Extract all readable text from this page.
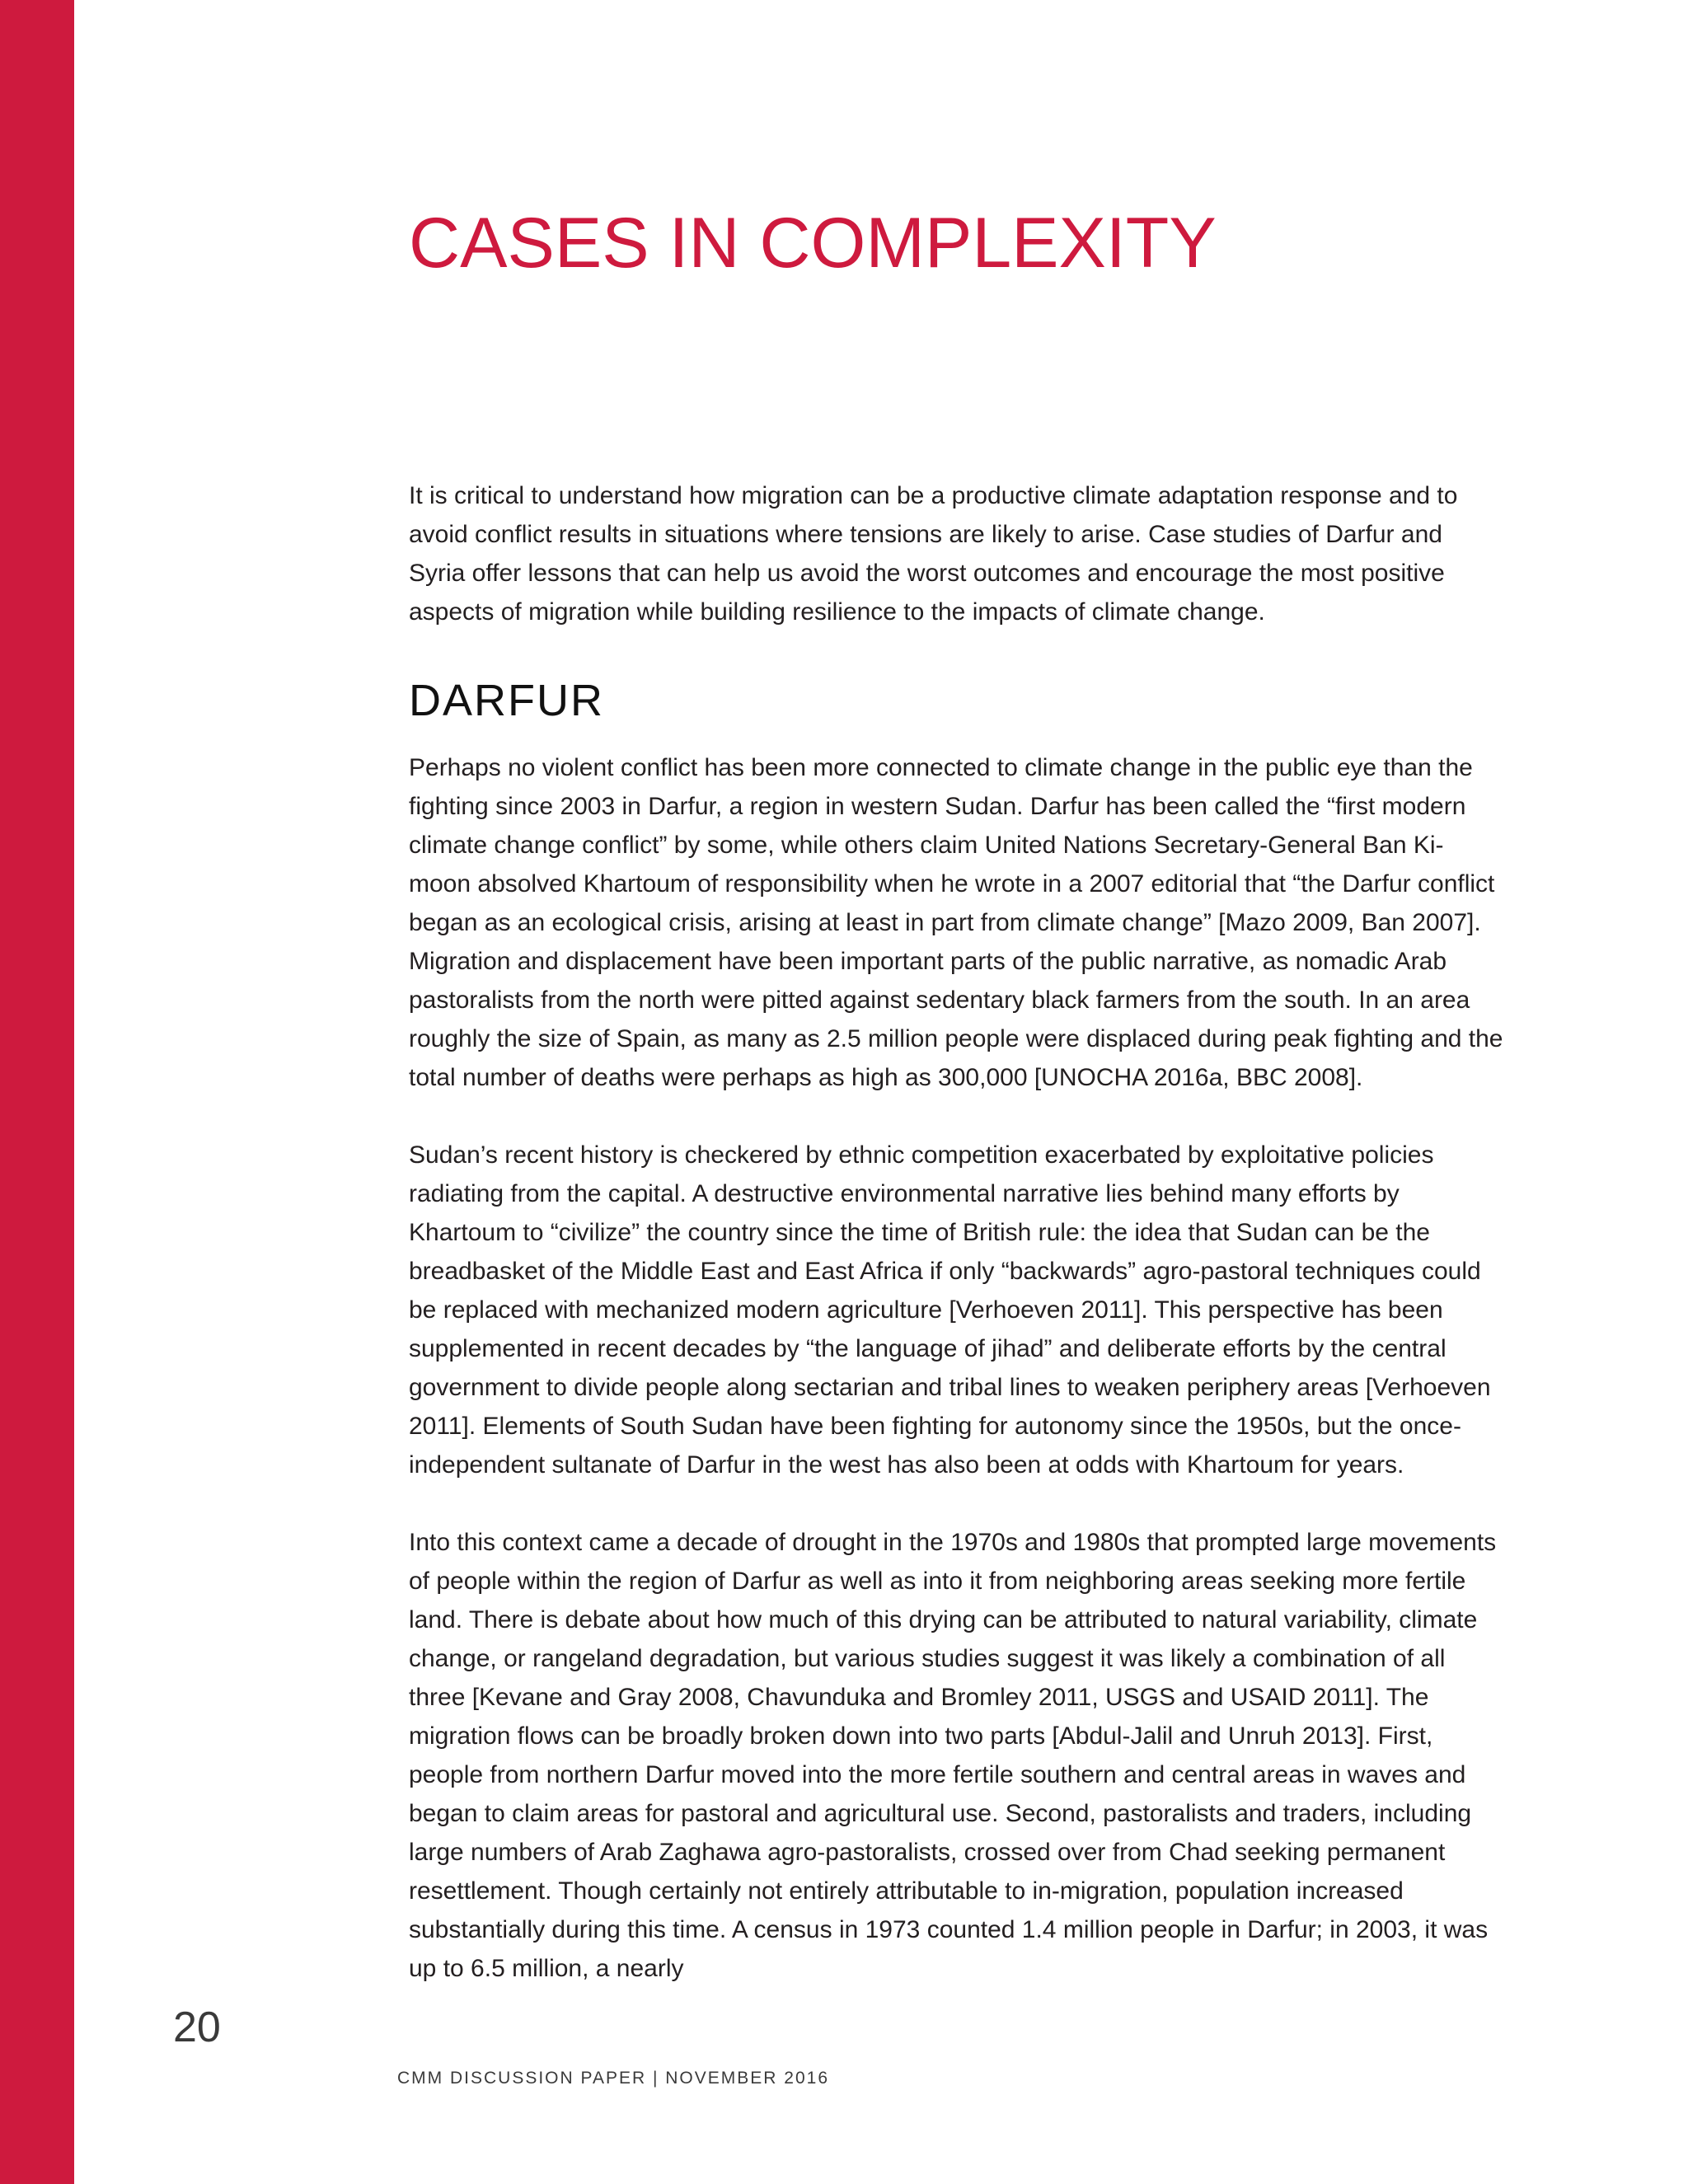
CASES IN COMPLEXITY

It is critical to understand how migration can be a productive climate adaptation response and to avoid conflict results in situations where tensions are likely to arise. Case studies of Darfur and Syria offer lessons that can help us avoid the worst outcomes and encourage the most positive aspects of migration while building resilience to the impacts of climate change.

DARFUR

Perhaps no violent conflict has been more connected to climate change in the public eye than the fighting since 2003 in Darfur, a region in western Sudan. Darfur has been called the “first modern climate change conflict” by some, while others claim United Nations Secretary-General Ban Ki-moon absolved Khartoum of responsibility when he wrote in a 2007 editorial that “the Darfur conflict began as an ecological crisis, arising at least in part from climate change” [Mazo 2009, Ban 2007]. Migration and displacement have been important parts of the public narrative, as nomadic Arab pastoralists from the north were pitted against sedentary black farmers from the south. In an area roughly the size of Spain, as many as 2.5 million people were displaced during peak fighting and the total number of deaths were perhaps as high as 300,000 [UNOCHA 2016a, BBC 2008].

Sudan’s recent history is checkered by ethnic competition exacerbated by exploitative policies radiating from the capital. A destructive environmental narrative lies behind many efforts by Khartoum to “civilize” the country since the time of British rule: the idea that Sudan can be the breadbasket of the Middle East and East Africa if only “backwards” agro-pastoral techniques could be replaced with mechanized modern agriculture [Verhoeven 2011]. This perspective has been supplemented in recent decades by “the language of jihad” and deliberate efforts by the central government to divide people along sectarian and tribal lines to weaken periphery areas [Verhoeven 2011]. Elements of South Sudan have been fighting for autonomy since the 1950s, but the once-independent sultanate of Darfur in the west has also been at odds with Khartoum for years.

Into this context came a decade of drought in the 1970s and 1980s that prompted large movements of people within the region of Darfur as well as into it from neighboring areas seeking more fertile land. There is debate about how much of this drying can be attributed to natural variability, climate change, or rangeland degradation, but various studies suggest it was likely a combination of all three [Kevane and Gray 2008, Chavunduka and Bromley 2011, USGS and USAID 2011]. The migration flows can be broadly broken down into two parts [Abdul-Jalil and Unruh 2013]. First, people from northern Darfur moved into the more fertile southern and central areas in waves and began to claim areas for pastoral and agricultural use. Second, pastoralists and traders, including large numbers of Arab Zaghawa agro-pastoralists, crossed over from Chad seeking permanent resettlement. Though certainly not entirely attributable to in-migration, population increased substantially during this time. A census in 1973 counted 1.4 million people in Darfur; in 2003, it was up to 6.5 million, a nearly

20
CMM DISCUSSION PAPER | NOVEMBER 2016
